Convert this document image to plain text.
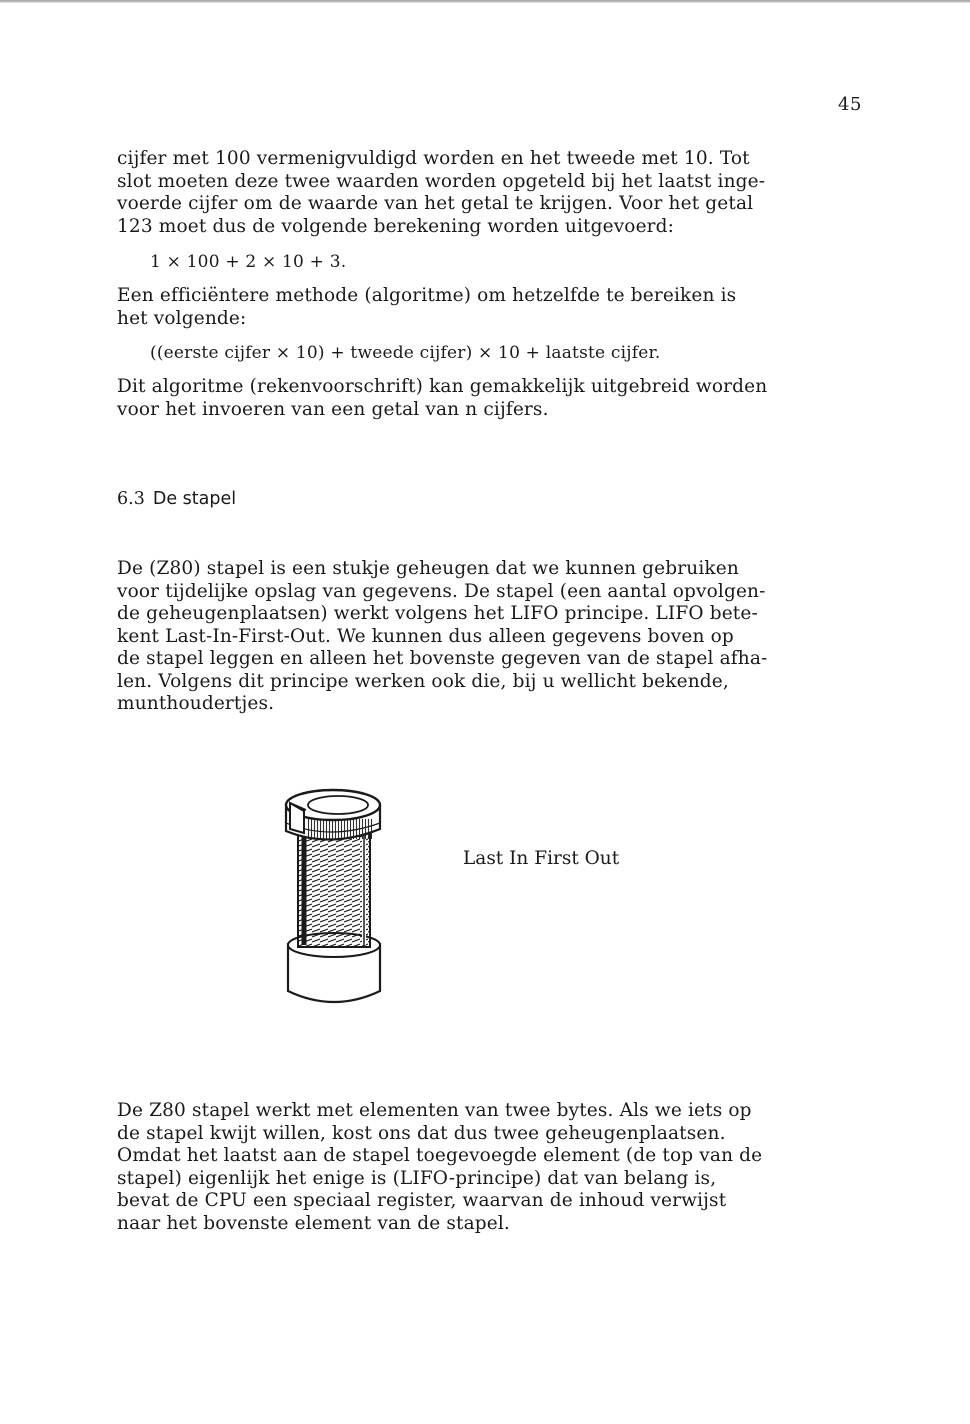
45

cijfer met 100 vermenigvuldigd worden en het tweede met 10. Tot
slot moeten deze twee waarden worden opgeteld bij het laatst inge-
voerde cijfer om de waarde van het getal te krijgen. Voor het getal
123 moet dus de volgende berekening worden uitgevoerd:

1 × 100 + 2 × 10 + 3.

Een efficiëntere methode (algoritme) om hetzelfde te bereiken is
het volgende:

((eerste cijfer × 10) + tweede cijfer) × 10 + laatste cijfer.

Dit algoritme (rekenvoorschrift) kan gemakkelijk uitgebreid worden
voor het invoeren van een getal van n cijfers.

6.3 De stapel

De (Z80) stapel is een stukje geheugen dat we kunnen gebruiken
voor tijdelijke opslag van gegevens. De stapel (een aantal opvolgen-
de geheugenplaatsen) werkt volgens het LIFO principe. LIFO bete-
kent Last-In-First-Out. We kunnen dus alleen gegevens boven op
de stapel leggen en alleen het bovenste gegeven van de stapel afha-
len. Volgens dit principe werken ook die, bij u wellicht bekende,
munthoudertjes.

Last In First Out

De Z80 stapel werkt met elementen van twee bytes. Als we iets op
de stapel kwijt willen, kost ons dat dus twee geheugenplaatsen.
Omdat het laatst aan de stapel toegevoegde element (de top van de
stapel) eigenlijk het enige is (LIFO-principe) dat van belang is,
bevat de CPU een speciaal register, waarvan de inhoud verwijst
naar het bovenste element van de stapel.
